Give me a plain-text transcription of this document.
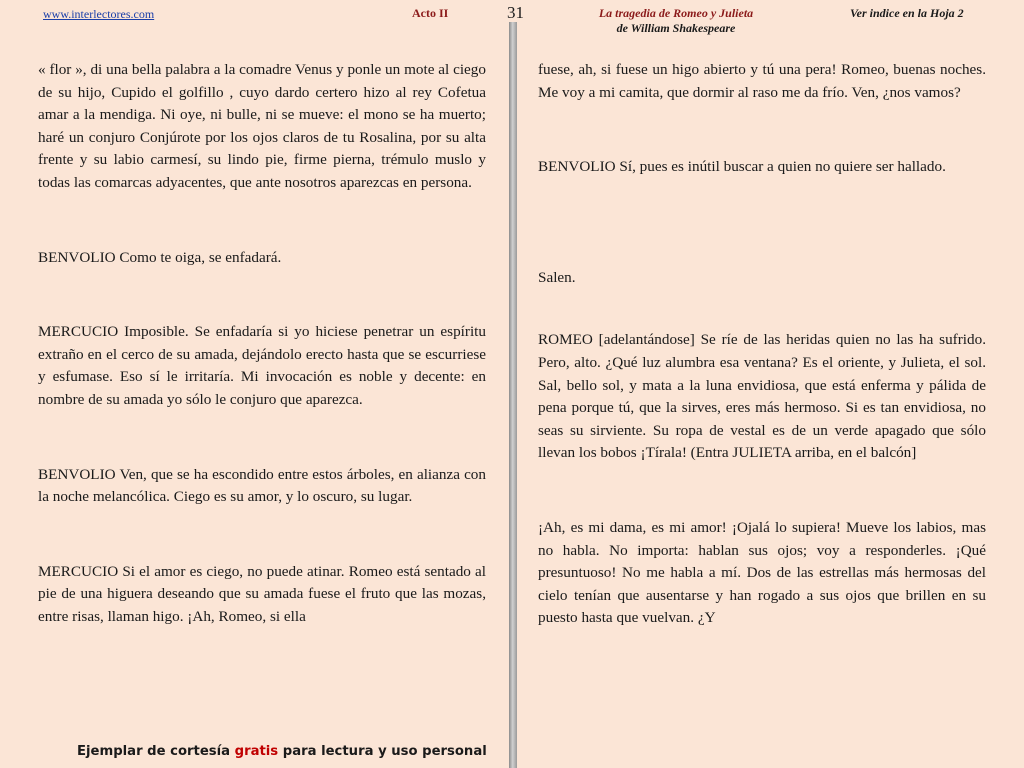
www.interlectores.com	Acto II	31	La tragedia de Romeo y Julieta
de William Shakespeare
Ver indice en la Hoja 2

« flor », di una bella palabra a la comadre Venus y ponle un mote al ciego de su hijo, Cupido el golfillo , cuyo dardo certero hizo al rey Cofetua amar a la mendiga. Ni oye, ni bulle, ni se mueve: el mono se ha muerto; haré un conjuro Conjúrote por los ojos claros de tu Rosalina, por su alta frente y su labio carmesí, su lindo pie, firme pierna, trémulo muslo y todas las comarcas adyacentes, que ante nosotros aparezcas en persona.

BENVOLIO Como te oiga, se enfadará.

MERCUCIO Imposible. Se enfadaría si yo hiciese penetrar un espíritu extraño en el cerco de su amada, dejándolo erecto hasta que se escurriese y esfumase. Eso sí le irritaría. Mi invocación es noble y decente: en nombre de su amada yo sólo le conjuro que aparezca.

BENVOLIO Ven, que se ha escondido entre estos árboles, en alianza con la noche melancólica. Ciego es su amor, y lo oscuro, su lugar.

MERCUCIO Si el amor es ciego, no puede atinar. Romeo está sentado al pie de una higuera deseando que su amada fuese el fruto que las mozas, entre risas, llaman higo. ¡Ah, Romeo, si ella

fuese, ah, si fuese un higo abierto y tú una pera! Romeo, buenas noches. Me voy a mi camita, que dormir al raso me da frío. Ven, ¿nos vamos?

BENVOLIO Sí, pues es inútil buscar a quien no quiere ser hallado.

Salen.

ROMEO [adelantándose] Se ríe de las heridas quien no las ha sufrido. Pero, alto. ¿Qué luz alumbra esa ventana? Es el oriente, y Julieta, el sol. Sal, bello sol, y mata a la luna envidiosa, que está enferma y pálida de pena porque tú, que la sirves, eres más hermoso. Si es tan envidiosa, no seas su sirviente. Su ropa de vestal es de un verde apagado que sólo llevan los bobos ¡Tírala! (Entra JULIETA arriba, en el balcón]

¡Ah, es mi dama, es mi amor! ¡Ojalá lo supiera! Mueve los labios, mas no habla. No importa: hablan sus ojos; voy a responderles. ¡Qué presuntuoso! No me habla a mí. Dos de las estrellas más hermosas del cielo tenían que ausentarse y han rogado a sus ojos que brillen en su puesto hasta que vuelvan. ¿Y

Ejemplar de cortesía gratis para lectura y uso personal
